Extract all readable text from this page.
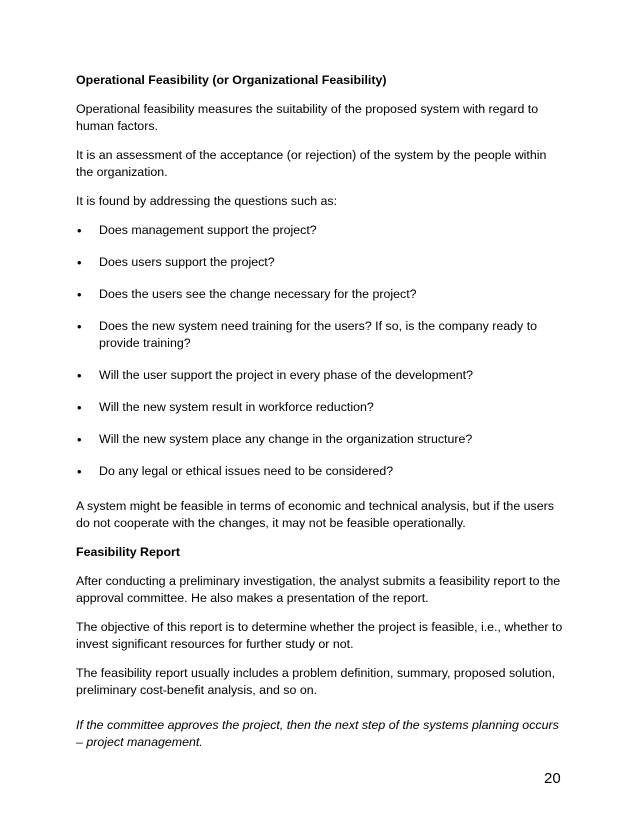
Operational Feasibility (or Organizational Feasibility)

Operational feasibility measures the suitability of the proposed system with regard to human factors.

It is an assessment of the acceptance (or rejection) of the system by the people within the organization.

It is found by addressing the questions such as:

• Does management support the project?
• Does users support the project?
• Does the users see the change necessary for the project?
• Does the new system need training for the users? If so, is the company ready to provide training?
• Will the user support the project in every phase of the development?
• Will the new system result in workforce reduction?
• Will the new system place any change in the organization structure?
• Do any legal or ethical issues need to be considered?

A system might be feasible in terms of economic and technical analysis, but if the users do not cooperate with the changes, it may not be feasible operationally.

Feasibility Report

After conducting a preliminary investigation, the analyst submits a feasibility report to the approval committee. He also makes a presentation of the report.

The objective of this report is to determine whether the project is feasible, i.e., whether to invest significant resources for further study or not.

The feasibility report usually includes a problem definition, summary, proposed solution, preliminary cost-benefit analysis, and so on.

If the committee approves the project, then the next step of the systems planning occurs – project management.

20
